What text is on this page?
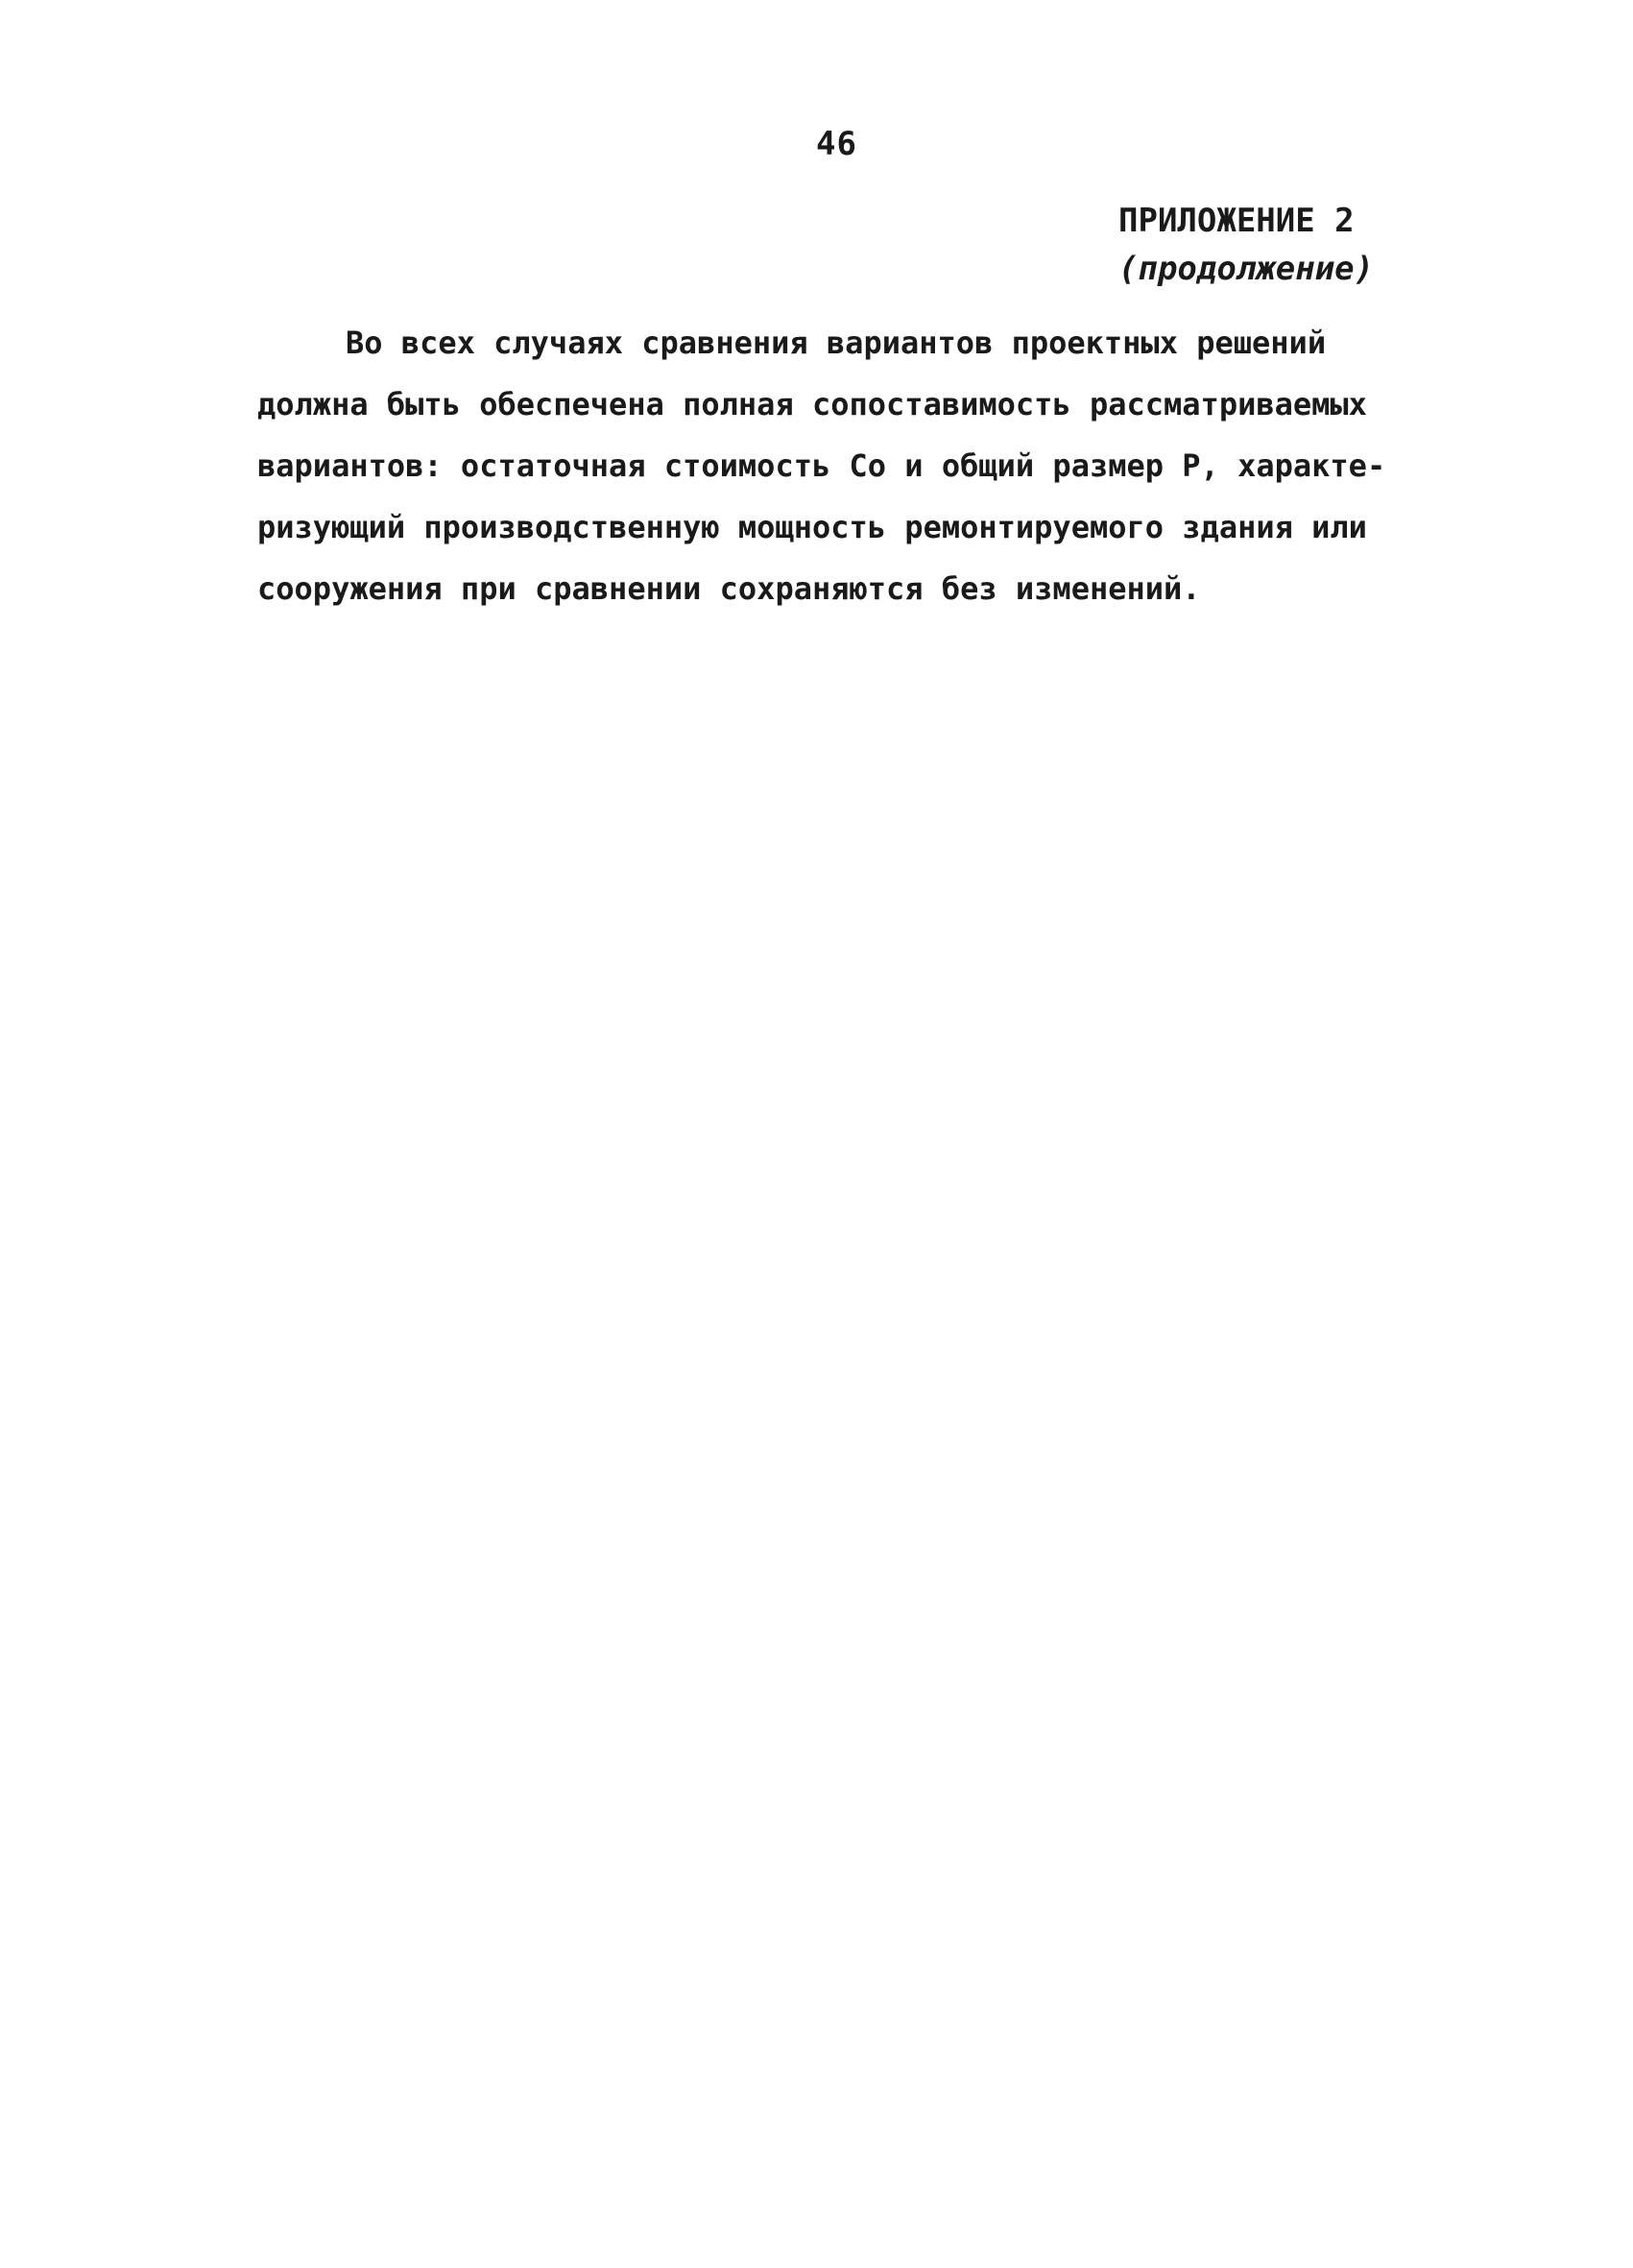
46
ПРИЛОЖЕНИЕ 2
(продолжение)
Во всех случаях сравнения вариантов проектных решений
должна быть обеспечена полная сопоставимость рассматриваемых
вариантов: остаточная стоимость Со и общий размер Р, характе-
ризующий производственную мощность ремонтируемого здания или
сооружения при сравнении сохраняются без изменений.
